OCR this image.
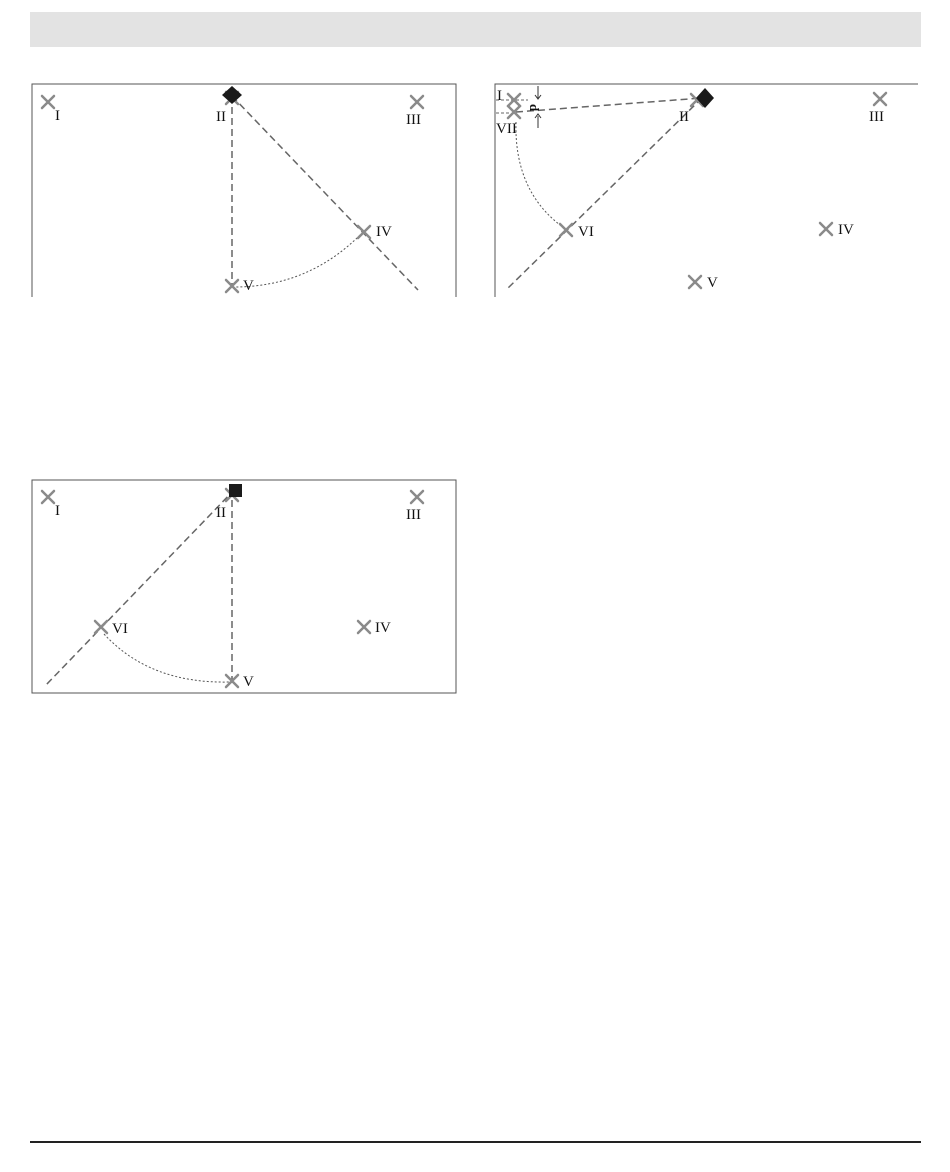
I	II	III
IV
V
d
I
VII
II	III
IV
V
VI
I	II	III
IV
V
VI
